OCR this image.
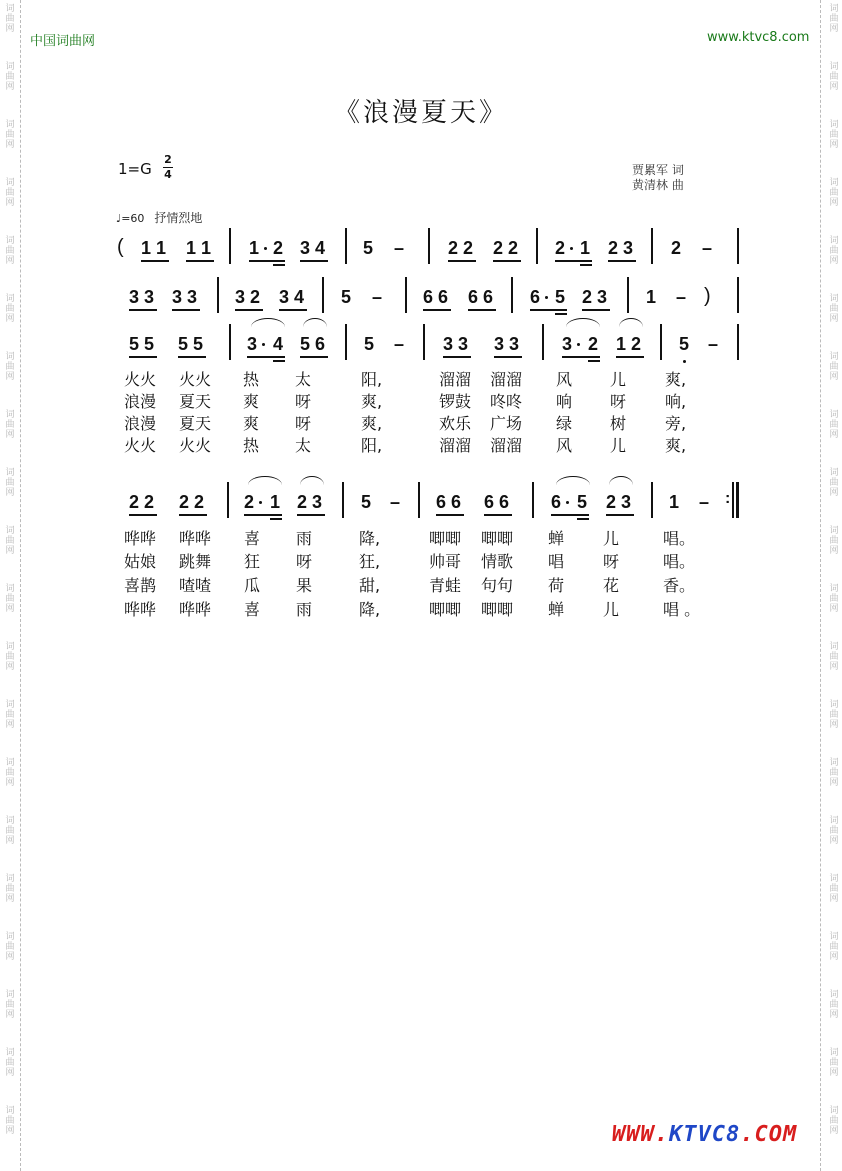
词
曲
网
词
曲
网
词
曲
网
词
曲
网
词
曲
网
词
曲
网
词
曲
网
词
曲
网
词
曲
网
词
曲
网
词
曲
网
词
曲
网
词
曲
网
词
曲
网
词
曲
网
词
曲
网
词
曲
网
词
曲
网
词
曲
网
词
曲
网
词
曲
网
词
曲
网
词
曲
网
词
曲
网
词
曲
网
词
曲
网
词
曲
网
词
曲
网
词
曲
网
词
曲
网
词
曲
网
词
曲
网
词
曲
网
词
曲
网
词
曲
网
词
曲
网
词
曲
网
词
曲
网
词
曲
网
词
曲
网
中国词曲网	www.ktvc8.com
《浪漫夏天》
1=G
2
4	贾累军 词
黄清林 曲
♩=60 抒情烈地
( 1 1 1 1 1 2 3 4 5 – 2 2 2 2 2 1 2 3 2 –
3 3 3 3 3 2 3 4 5 – 6 6 6 6 6 5 2 3 1 – )
5 5 5 5 3 4 5 6 5 – 3 3 3 3 3 2 1 2 5 –
火火 火火 热 太	阳,	溜溜 溜溜 风 儿 爽,
浪漫 夏天 爽 呀	爽,	锣鼓 咚咚 响 呀 响,
浪漫 夏天 爽 呀	爽,	欢乐 广场 绿 树 旁,
火火 火火 热 太	阳,	溜溜 溜溜 风 儿 爽,
2 2 2 2 2 1 2 3 5 – 6 6 6 6 6 5 2 3 1 – :
哗哗 哗哗 喜 雨	降,	唧唧 唧唧 蝉 儿	唱。
姑娘 跳舞 狂 呀	狂,	帅哥 情歌 唱 呀	唱。
喜鹊 喳喳 瓜 果	甜,	青蛙 句句 荷 花	香。
哗哗 哗哗 喜 雨	降,	唧唧 唧唧 蝉 儿	唱 。
WWW.KTVC8.COM
